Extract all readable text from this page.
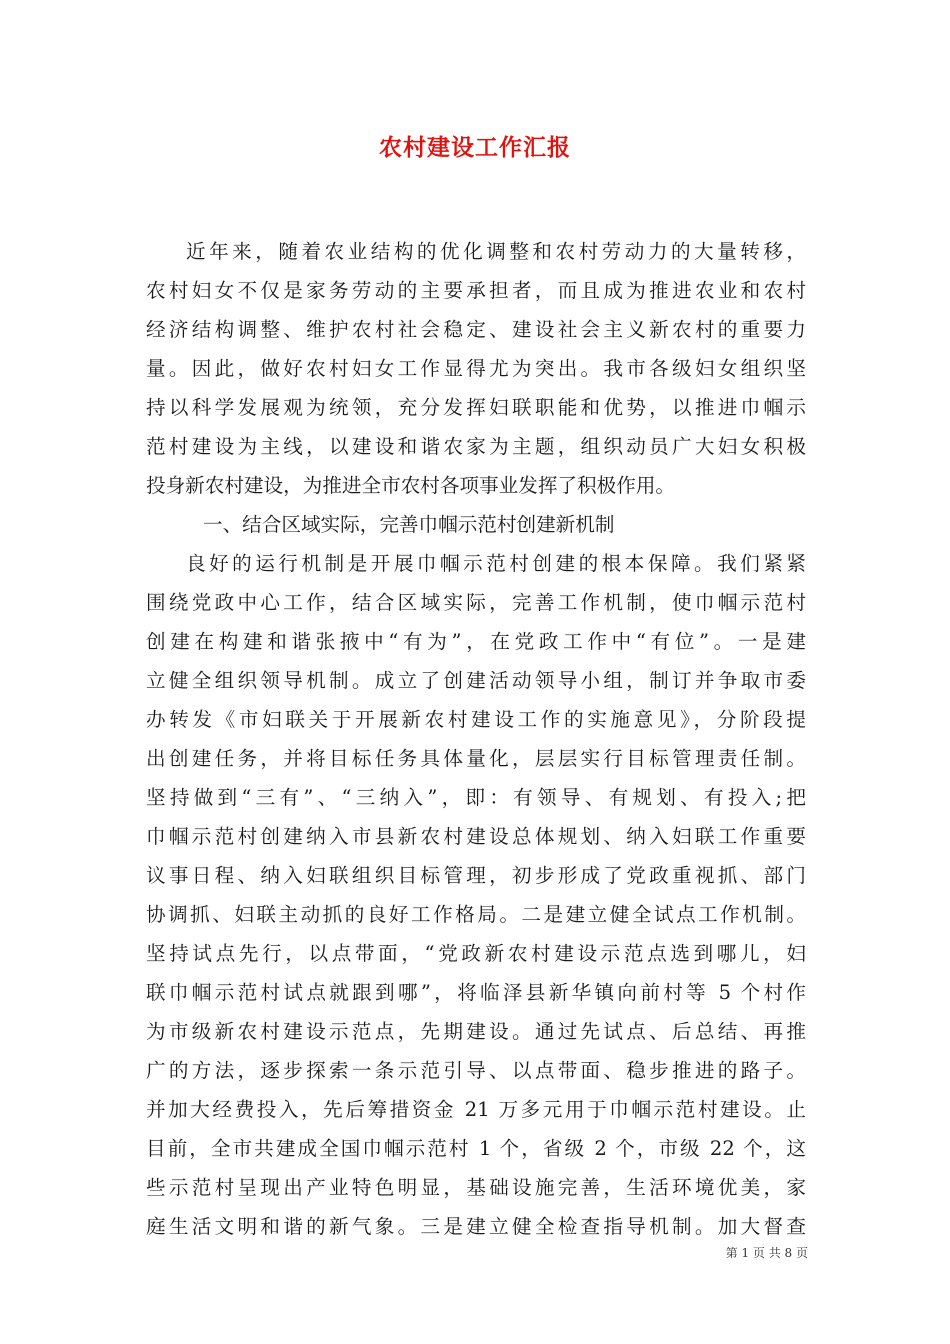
农村建设工作汇报
近年来，随着农业结构的优化调整和农村劳动力的大量转移，
农村妇女不仅是家务劳动的主要承担者，而且成为推进农业和农村
经济结构调整、维护农村社会稳定、建设社会主义新农村的重要力
量。因此，做好农村妇女工作显得尤为突出。我市各级妇女组织坚
持以科学发展观为统领，充分发挥妇联职能和优势，以推进巾帼示
范村建设为主线，以建设和谐农家为主题，组织动员广大妇女积极
投身新农村建设，为推进全市农村各项事业发挥了积极作用。
一、结合区域实际，完善巾帼示范村创建新机制
良好的运行机制是开展巾帼示范村创建的根本保障。我们紧紧
围绕党政中心工作，结合区域实际，完善工作机制，使巾帼示范村
创建在构建和谐张掖中“有为”，在党政工作中“有位”。一是建
立健全组织领导机制。成立了创建活动领导小组，制订并争取市委
办转发《市妇联关于开展新农村建设工作的实施意见》，分阶段提
出创建任务，并将目标任务具体量化，层层实行目标管理责任制。
坚持做到“三有”、“三纳入”，即：有领导、有规划、有投入;把
巾帼示范村创建纳入市县新农村建设总体规划、纳入妇联工作重要
议事日程、纳入妇联组织目标管理，初步形成了党政重视抓、部门
协调抓、妇联主动抓的良好工作格局。二是建立健全试点工作机制。
坚持试点先行，以点带面，“党政新农村建设示范点选到哪儿，妇
联巾帼示范村试点就跟到哪”，将临泽县新华镇向前村等 5 个村作
为市级新农村建设示范点，先期建设。通过先试点、后总结、再推
广的方法，逐步探索一条示范引导、以点带面、稳步推进的路子。
并加大经费投入，先后筹措资金 21 万多元用于巾帼示范村建设。止
目前，全市共建成全国巾帼示范村 1 个，省级 2 个，市级 22 个，这
些示范村呈现出产业特色明显，基础设施完善，生活环境优美，家
庭生活文明和谐的新气象。三是建立健全检查指导机制。加大督查
第 1 页 共 8 页
